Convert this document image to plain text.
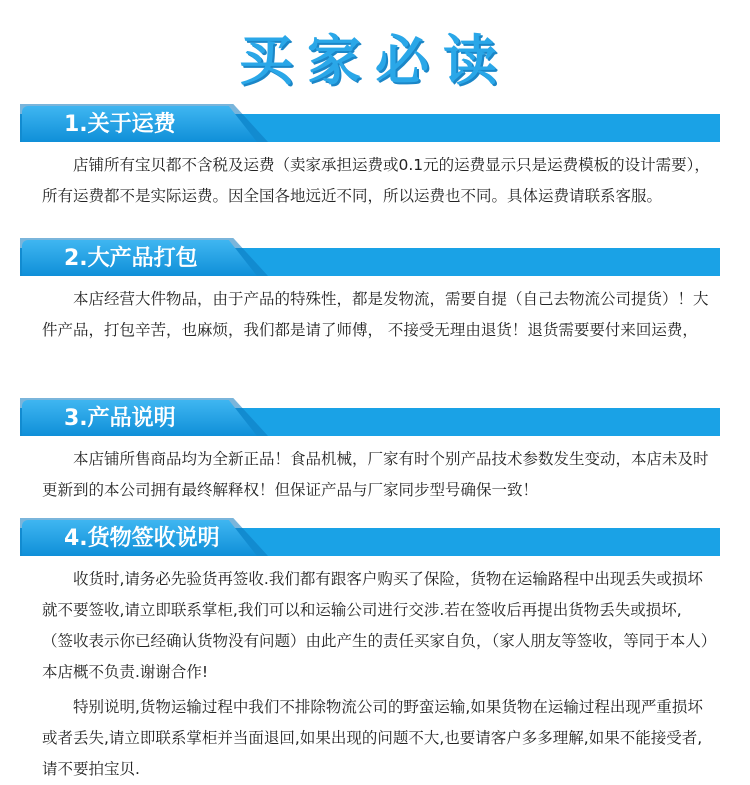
买家必读
1.关于运费
店铺所有宝贝都不含税及运费（卖家承担运费或0.1元的运费显示只是运费模板的设计需要），所有运费都不是实际运费。因全国各地远近不同，所以运费也不同。具体运费请联系客服。
2.大产品打包
本店经营大件物品，由于产品的特殊性，都是发物流，需要自提（自己去物流公司提货）！大件产品，打包辛苦，也麻烦，我们都是请了师傅， 不接受无理由退货！退货需要要付来回运费，
3.产品说明
本店铺所售商品均为全新正品！食品机械，厂家有时个别产品技术参数发生变动，本店未及时更新到的本公司拥有最终解释权！但保证产品与厂家同步型号确保一致！
4.货物签收说明
收货时,请务必先验货再签收.我们都有跟客户购买了保险，货物在运输路程中出现丢失或损坏就不要签收,请立即联系掌柜,我们可以和运输公司进行交涉.若在签收后再提出货物丢失或损坏,（签收表示你已经确认货物没有问题）由此产生的责任买家自负，（家人朋友等签收，等同于本人）本店概不负责.谢谢合作!
特别说明,货物运输过程中我们不排除物流公司的野蛮运输,如果货物在运输过程出现严重损坏或者丢失,请立即联系掌柜并当面退回,如果出现的问题不大,也要请客户多多理解,如果不能接受者,请不要拍宝贝.
